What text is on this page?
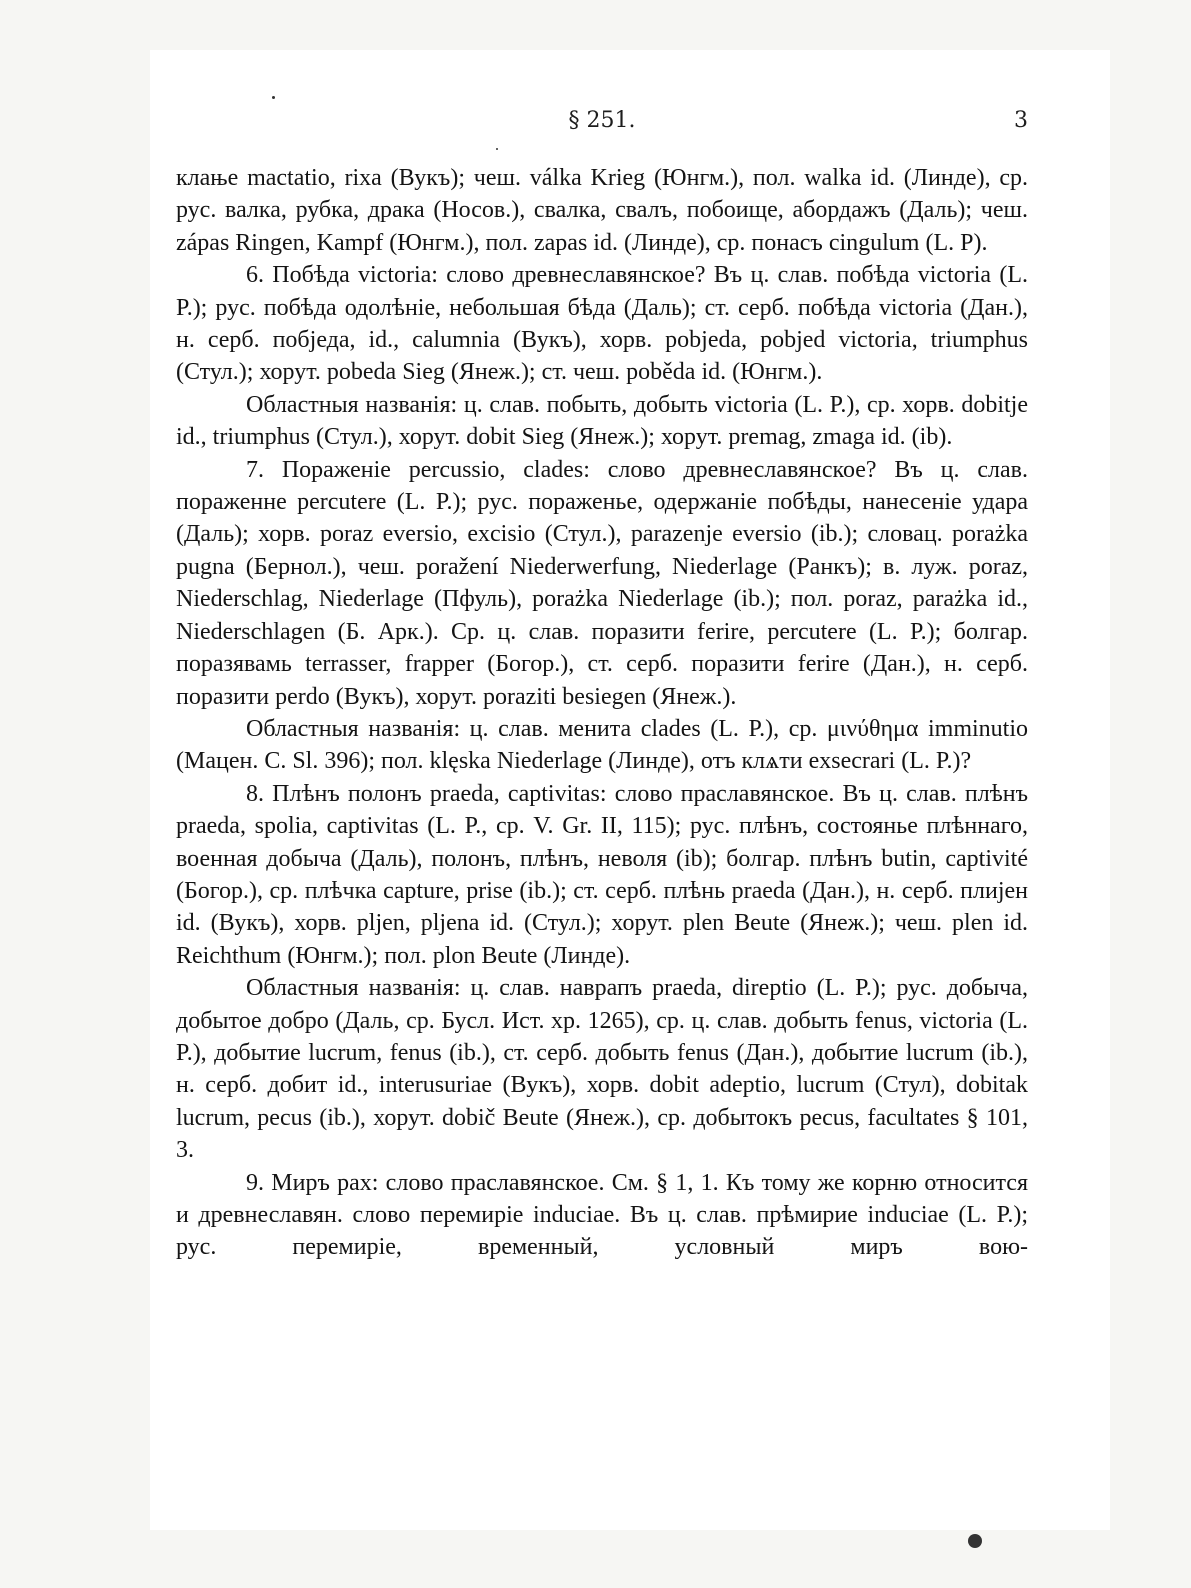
§ 251.	3

клање mactatio, rixa (Вукъ); чеш. válka Krieg (Юнгм.), пол. walka id. (Линде), ср. рус. валка, рубка, драка (Носов.), свалка, свалъ, побоище, абордажъ (Даль); чеш. zápas Ringen, Kampf (Юнгм.), пол. zapas id. (Линде), ср. понасъ cingulum (L. P).

6. Побѣда victoria: слово древнеславянское? Въ ц. слав. побѣда victoria (L. P.); рус. побѣда одолѣніе, небольшая бѣда (Даль); ст. серб. побѣда victoria (Дан.), н. серб. побједа, id., calumnia (Вукъ), хорв. pobjeda, pobjed victoria, triumphus (Стул.); хорут. pobeda Sieg (Янеж.); ст. чеш. poběda id. (Юнгм.).

Областныя названія: ц. слав. побыть, добыть victoria (L. P.), ср. хорв. dobitje id., triumphus (Стул.), хорут. dobit Sieg (Янеж.); хорут. premag, zmaga id. (ib).

7. Пораженіе percussio, clades: слово древнеславянское? Въ ц. слав. пораженне percutere (L. P.); рус. пораженье, одержаніе побѣды, нанесеніе удара (Даль); хорв. poraz eversio, excisio (Стул.), parazenje eversio (ib.); словац. porażka pugna (Бернол.), чеш. poražení Niederwerfung, Niederlage (Ранкъ); в. луж. poraz, Niederschlag, Niederlage (Пфуль), porażka Niederlage (ib.); пол. poraz, parażka id., Niederschlagen (Б. Арк.). Ср. ц. слав. поразити ferire, percutere (L. P.); болгар. поразявамь terrasser, frapper (Богор.), ст. серб. поразити ferire (Дан.), н. серб. поразити perdo (Вукъ), хорут. poraziti besiegen (Янеж.).

Областныя названія: ц. слав. менита clades (L. P.), ср. μινύθημα imminutio (Мацен. C. Sl. 396); пол. klęska Niederlage (Линде), отъ клѧти exsecrari (L. P.)?

8. Плѣнъ полонъ praeda, captivitas: слово праславянское. Въ ц. слав. плѣнъ praeda, spolia, captivitas (L. P., ср. V. Gr. II, 115); рус. плѣнъ, состоянье плѣннаго, военная добыча (Даль), полонъ, плѣнъ, неволя (ib); болгар. плѣнъ butin, captivité (Богор.), ср. плѣчка capture, prise (ib.); ст. серб. плѣнь praeda (Дан.), н. серб. плијен id. (Вукъ), хорв. pljen, pljena id. (Стул.); хорут. plen Beute (Янеж.); чеш. plen id. Reichthum (Юнгм.); пол. plon Beute (Линде).

Областныя названія: ц. слав. наврапъ praeda, direptio (L. P.); рус. добыча, добытое добро (Даль, ср. Бусл. Ист. хр. 1265), ср. ц. слав. добыть fenus, victoria (L. P.), добытие lucrum, fenus (ib.), ст. серб. добыть fenus (Дан.), добытие lucrum (ib.), н. серб. добит id., interusuriae (Вукъ), хорв. dobit adeptio, lucrum (Стул), dobitak lucrum, pecus (ib.), хорут. dobič Beute (Янеж.), ср. добытокъ pecus, facultates § 101, 3.

9. Миръ pax: слово праславянское. См. § 1, 1. Къ тому же корню относится и древнеславян. слово перемиріе induciae. Въ ц. слав. прѣмирие induciae (L. P.); рус. перемиріе, временный, условный миръ вою-
